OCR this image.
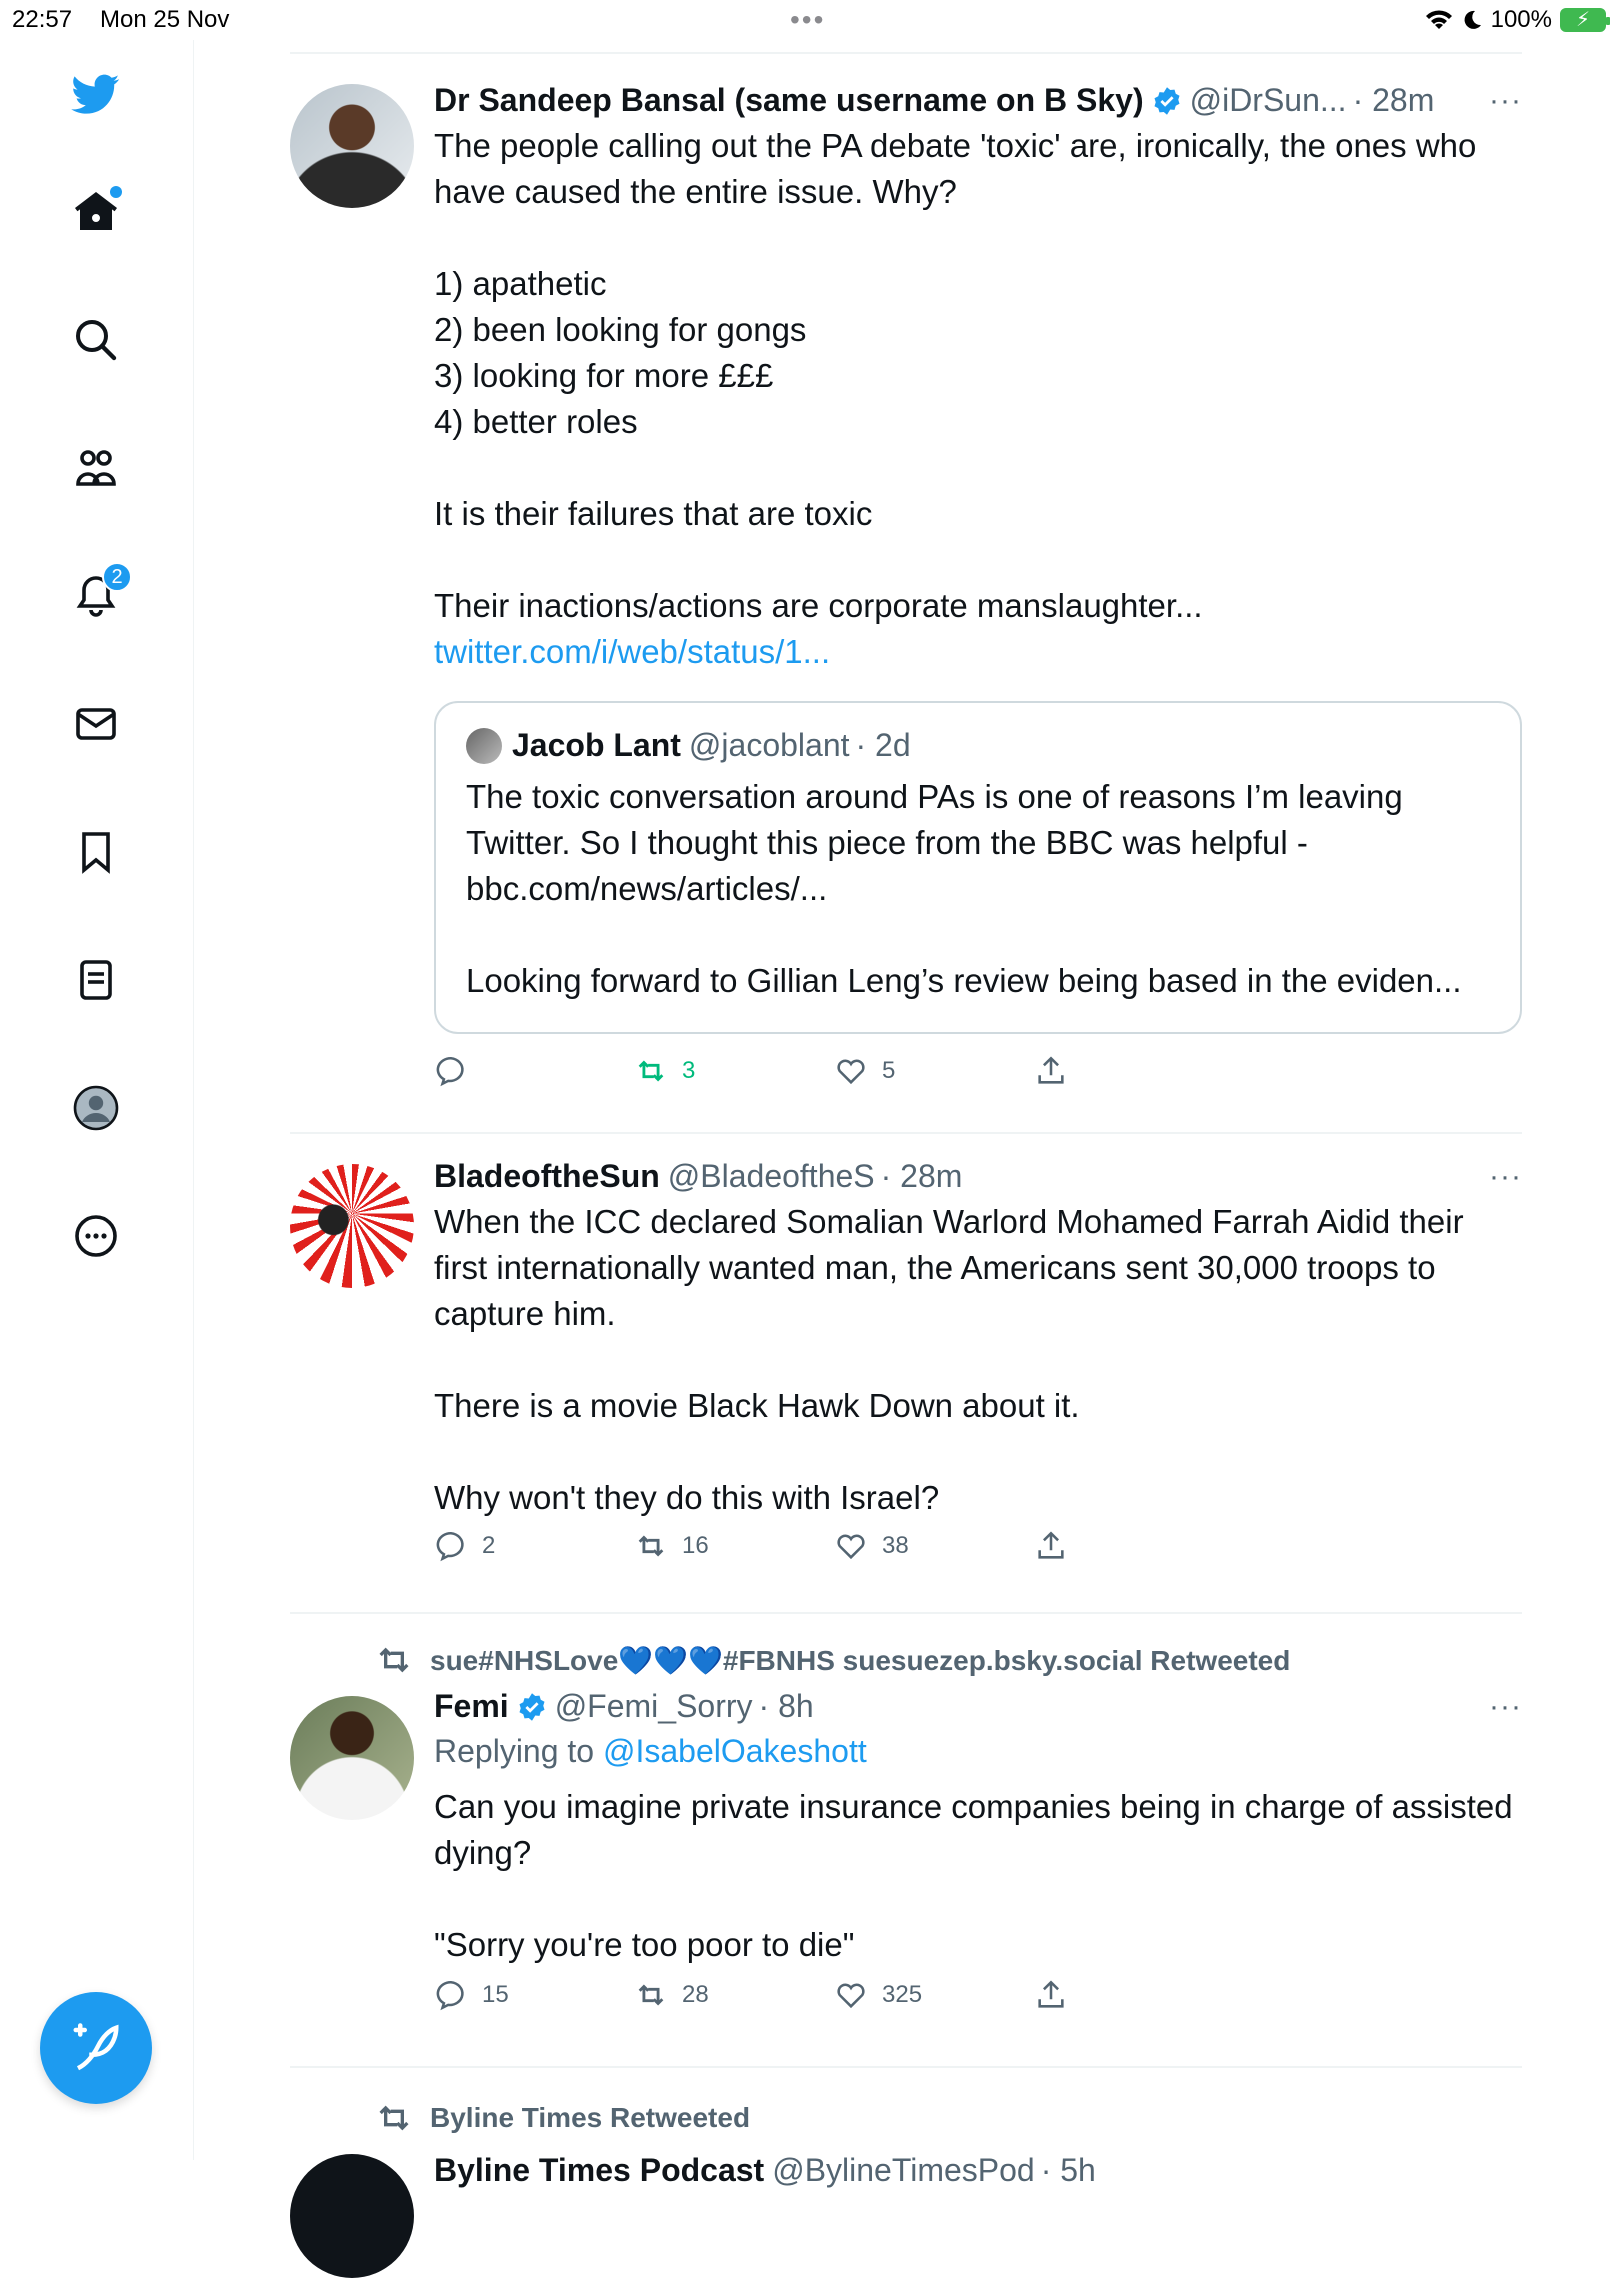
22:57 Mon 25 Nov	•••	100% ⚡
2
Dr Sandeep Bansal (same username on B Sky) @iDrSun... · 28m ···
The people calling out the PA debate 'toxic' are, ironically, the ones who have caused the entire issue. Why?

1) apathetic
2) been looking for gongs
3) looking for more £££
4) better roles

It is their failures that are toxic

Their inactions/actions are corporate manslaughter... twitter.com/i/web/status/1...
Jacob Lant @jacoblant · 2d
The toxic conversation around PAs is one of reasons I’m leaving Twitter. So I thought this piece from the BBC was helpful - bbc.com/news/articles/...

Looking forward to Gillian Leng’s review being based in the eviden...
3	5
BladeoftheSun @BladeoftheS · 28m	···
When the ICC declared Somalian Warlord Mohamed Farrah Aidid their first internationally wanted man, the Americans sent 30,000 troops to capture him.

There is a movie Black Hawk Down about it.

Why won't they do this with Israel?
2	16	38
sue#NHSLove💙💙💙#FBNHS suesuezep.bsky.social Retweeted
Femi @Femi_Sorry · 8h	···
Replying to @IsabelOakeshott
Can you imagine private insurance companies being in charge of assisted dying?

"Sorry you're too poor to die"
15	28	325
Byline Times Retweeted
Byline Times Podcast @BylineTimesPod · 5h
